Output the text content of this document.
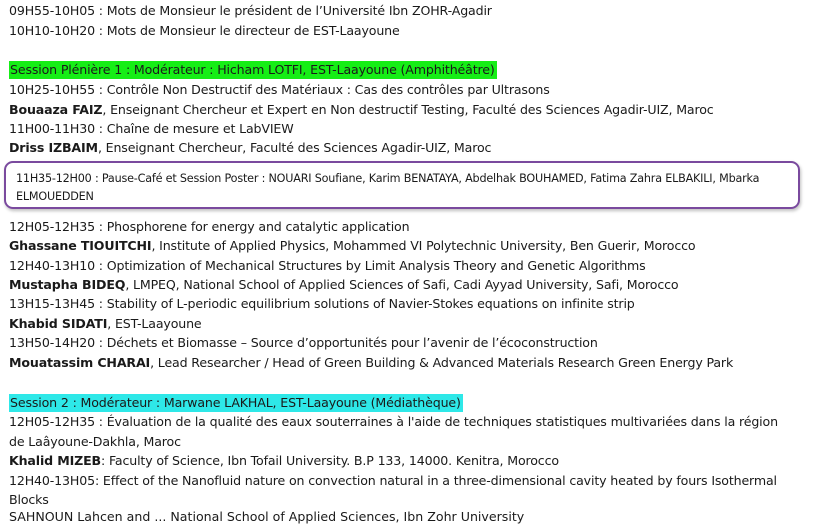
09H55-10H05 : Mots de Monsieur le président de l’Université Ibn ZOHR-Agadir
10H10-10H20 : Mots de Monsieur le directeur de EST-Laayoune
Session Plénière 1 : Modérateur : Hicham LOTFI, EST-Laayoune (Amphithéâtre)
10H25-10H55 : Contrôle Non Destructif des Matériaux : Cas des contrôles par Ultrasons
Bouaaza FAIZ, Enseignant Chercheur et Expert en Non destructif Testing, Faculté des Sciences Agadir-UIZ, Maroc
11H00-11H30 : Chaîne de mesure et LabVIEW
Driss IZBAIM, Enseignant Chercheur, Faculté des Sciences Agadir-UIZ, Maroc
11H35-12H00 : Pause-Café et Session Poster : NOUARI Soufiane, Karim BENATAYA, Abdelhak BOUHAMED, Fatima Zahra ELBAKILI, Mbarka
ELMOUEDDEN
12H05-12H35 : Phosphorene for energy and catalytic application
Ghassane TIOUITCHI, Institute of Applied Physics, Mohammed VI Polytechnic University, Ben Guerir, Morocco
12H40-13H10 : Optimization of Mechanical Structures by Limit Analysis Theory and Genetic Algorithms
Mustapha BIDEQ, LMPEQ, National School of Applied Sciences of Safi, Cadi Ayyad University, Safi, Morocco
13H15-13H45 : Stability of L-periodic equilibrium solutions of Navier-Stokes equations on infinite strip
Khabid SIDATI, EST-Laayoune
13H50-14H20 : Déchets et Biomasse – Source d’opportunités pour l’avenir de l’écoconstruction
Mouatassim CHARAI, Lead Researcher / Head of Green Building & Advanced Materials Research Green Energy Park
Session 2 : Modérateur : Marwane LAKHAL, EST-Laayoune (Médiathèque)
12H05-12H35 : Évaluation de la qualité des eaux souterraines à l'aide de techniques statistiques multivariées dans la région
de Laâyoune-Dakhla, Maroc
Khalid MIZEB: Faculty of Science, Ibn Tofail University. B.P 133, 14000. Kenitra, Morocco
12H40-13H05: Effect of the Nanofluid nature on convection natural in a three-dimensional cavity heated by fours Isothermal
Blocks
SAHNOUN Lahcen and ... National School of Applied Sciences, Ibn Zohr University
